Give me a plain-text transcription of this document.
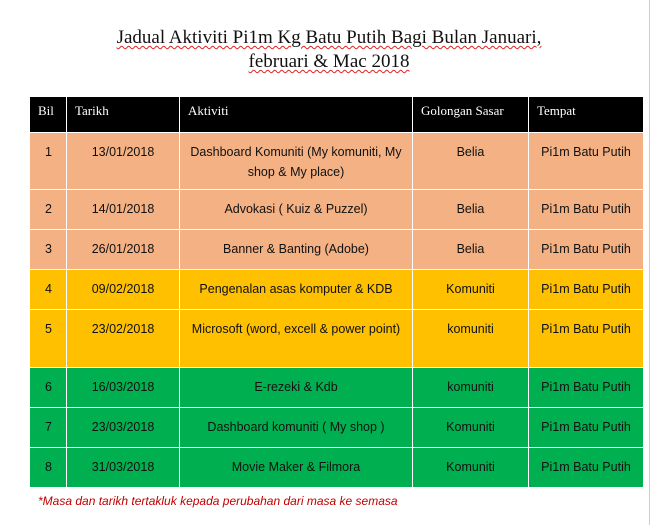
Jadual Aktiviti Pi1m Kg Batu Putih Bagi Bulan Januari,
februari & Mac 2018
Bil	Tarikh	Aktiviti	Golongan Sasar	Tempat
1	13/01/2018	Dashboard Komuniti (My komuniti, My shop & My place)	Belia	Pi1m Batu Putih
2	14/01/2018	Advokasi ( Kuiz & Puzzel)	Belia	Pi1m Batu Putih
3	26/01/2018	Banner & Banting (Adobe)	Belia	Pi1m Batu Putih
4	09/02/2018	Pengenalan asas komputer & KDB	Komuniti	Pi1m Batu Putih
5	23/02/2018	Microsoft (word, excell & power point)	komuniti	Pi1m Batu Putih
6	16/03/2018	E-rezeki & Kdb	komuniti	Pi1m Batu Putih
7	23/03/2018	Dashboard komuniti ( My shop )	Komuniti	Pi1m Batu Putih
8	31/03/2018	Movie Maker & Filmora	Komuniti	Pi1m Batu Putih
*Masa dan tarikh tertakluk kepada perubahan dari masa ke semasa
